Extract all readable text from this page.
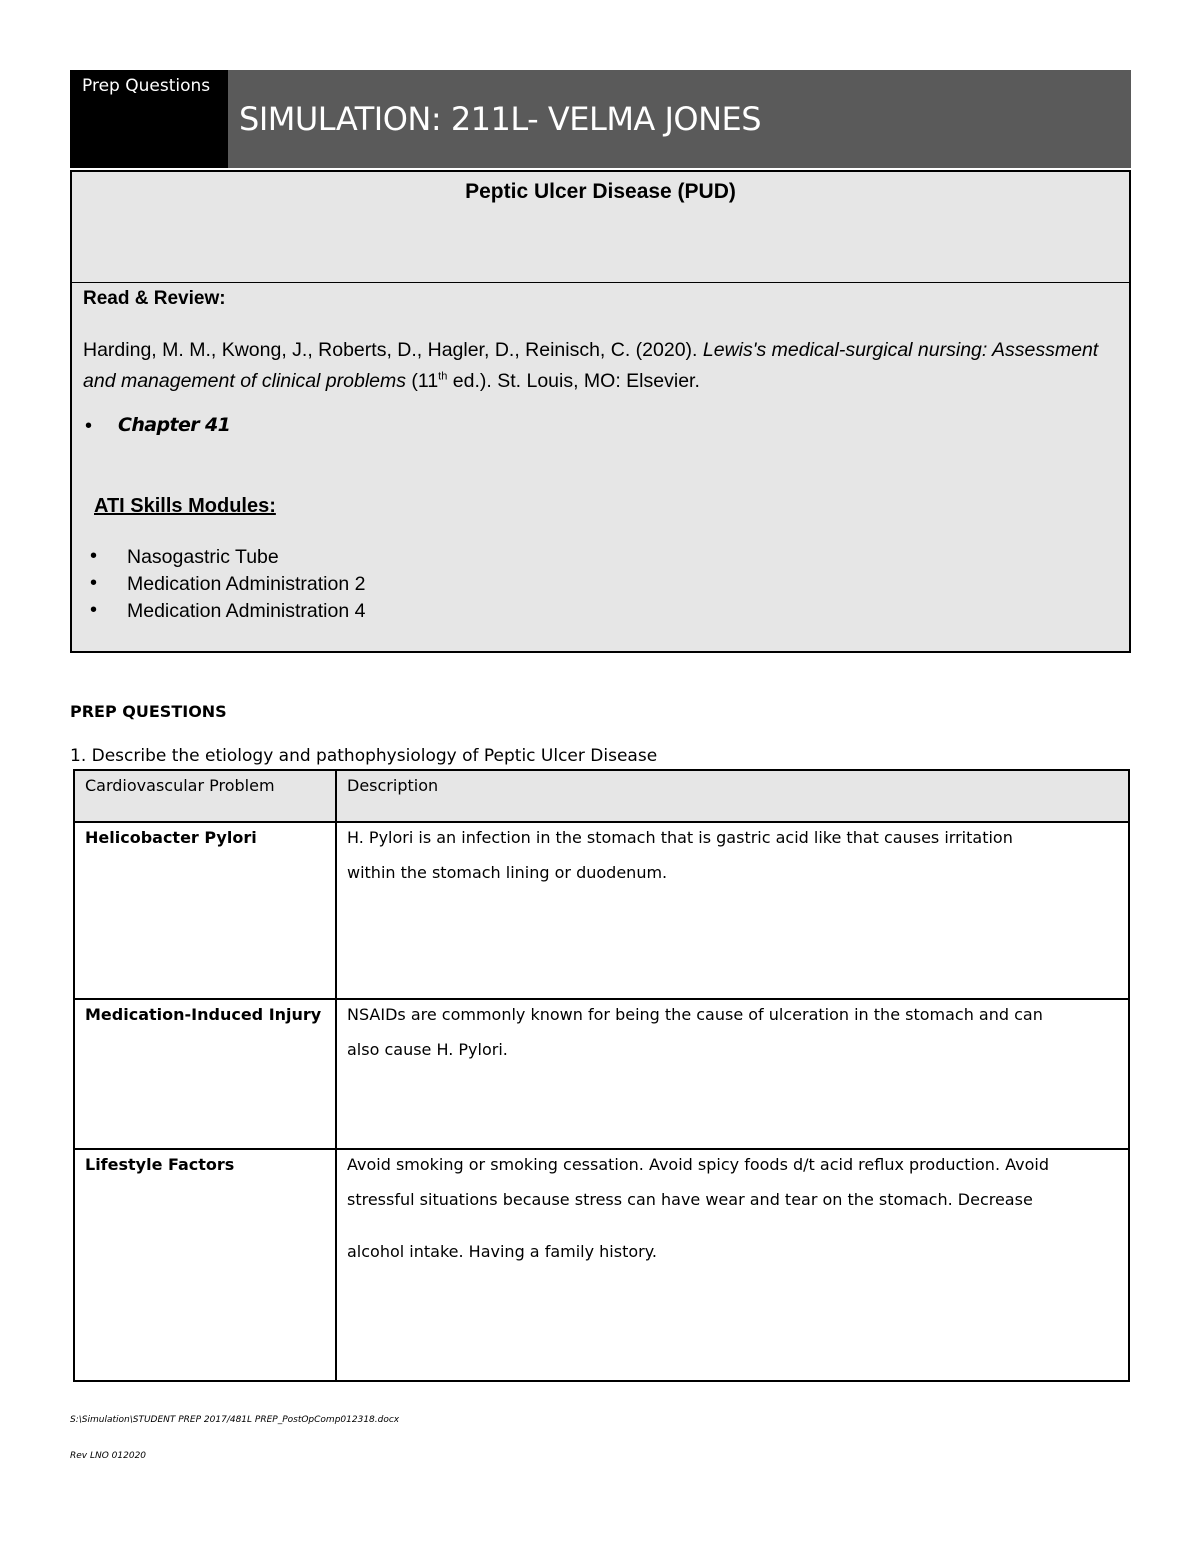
Prep Questions
SIMULATION: 211L- VELMA JONES
Peptic Ulcer Disease (PUD)
Read & Review:
Harding, M. M., Kwong, J., Roberts, D., Hagler, D., Reinisch, C. (2020). Lewis's medical-surgical nursing: Assessment and management of clinical problems (11th ed.). St. Louis, MO: Elsevier.
• Chapter 41
ATI Skills Modules:
• Nasogastric Tube
• Medication Administration 2
• Medication Administration 4
PREP QUESTIONS
1. Describe the etiology and pathophysiology of Peptic Ulcer Disease
Cardiovascular Problem	Description

Helicobacter Pylori	H. Pylori is an infection in the stomach that is gastric acid like that causes irritation
within the stomach lining or duodenum.

Medication-Induced Injury	NSAIDs are commonly known for being the cause of ulceration in the stomach and can
also cause H. Pylori.

Lifestyle Factors	Avoid smoking or smoking cessation. Avoid spicy foods d/t acid reflux production. Avoid
stressful situations because stress can have wear and tear on the stomach. Decrease
alcohol intake. Having a family history.
S:\Simulation\STUDENT PREP 2017/481L PREP_PostOpComp012318.docx
Rev LNO 012020
